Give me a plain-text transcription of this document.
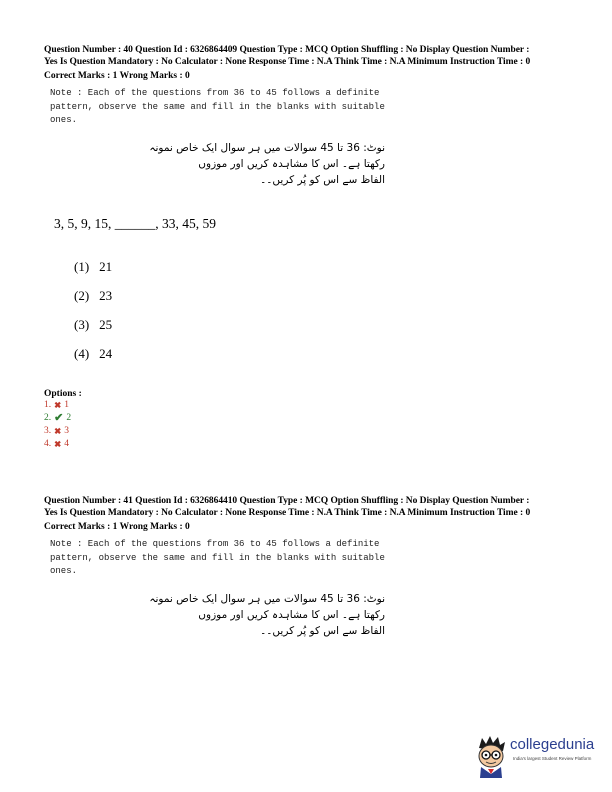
Question Number : 40 Question Id : 6326864409 Question Type : MCQ Option Shuffling : No Display Question Number : Yes Is Question Mandatory : No Calculator : None Response Time : N.A Think Time : N.A Minimum Instruction Time : 0
Correct Marks : 1 Wrong Marks : 0
Note : Each of the questions from 36 to 45 follows a definite pattern, observe the same and fill in the blanks with suitable ones.
نوٹ: 36 تا 45 سوالات میں ہر سوال ایک خاص نمونہ
رکھتا ہے۔ اس کا مشاہدہ کریں اور موزوں
الفاظ سے اس کو پُر کریں۔۔
3, 5, 9, 15, ______, 33, 45, 59
(1) 21
(2) 23
(3) 25
(4) 24
Options :
1. ✖ 1
2. ✔ 2
3. ✖ 3
4. ✖ 4
Question Number : 41 Question Id : 6326864410 Question Type : MCQ Option Shuffling : No Display Question Number : Yes Is Question Mandatory : No Calculator : None Response Time : N.A Think Time : N.A Minimum Instruction Time : 0
Correct Marks : 1 Wrong Marks : 0
Note : Each of the questions from 36 to 45 follows a definite pattern, observe the same and fill in the blanks with suitable ones.
نوٹ: 36 تا 45 سوالات میں ہر سوال ایک خاص نمونہ
رکھتا ہے۔ اس کا مشاہدہ کریں اور موزوں
الفاظ سے اس کو پُر کریں۔۔
collegedunia
India's largest Student Review Platform
